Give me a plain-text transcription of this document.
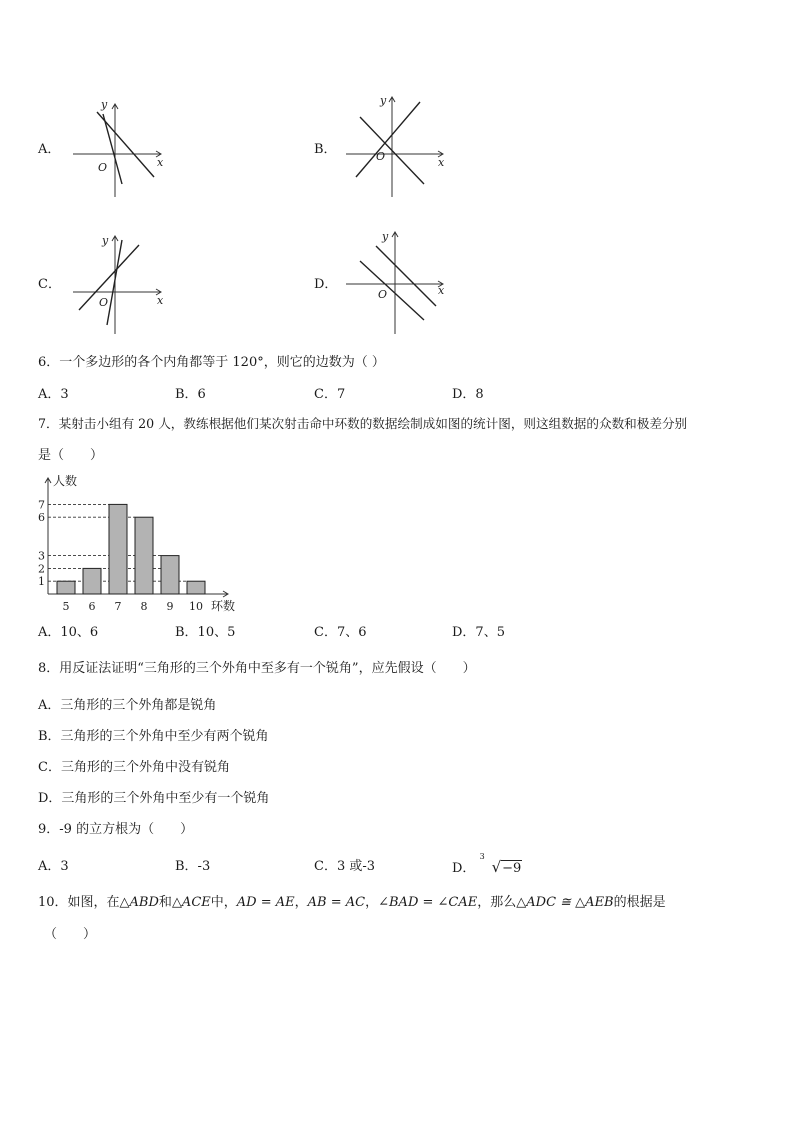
A．
y
x
O
B．
y
x
O
C．
y
x
O
D．
y
x
O
6．一个多边形的各个内角都等于 120°，则它的边数为（ ）
A．3	B．6	C．7	D．8
7．某射击小组有 20 人，教练根据他们某次射击命中环数的数据绘制成如图的统计图，则这组数据的众数和极差分别
是（　　）
人数
环数
1
2
3
6
7
5 6 7 8 9 10
A．10、6	B．10、5	C．7、6	D．7、5
8．用反证法证明“三角形的三个外角中至多有一个锐角”，应先假设（　　）
A．三角形的三个外角都是锐角
B．三角形的三个外角中至少有两个锐角
C．三角形的三个外角中没有锐角
D．三角形的三个外角中至少有一个锐角
9．-9 的立方根为（　　）
A．3	B．-3	C．3 或-3	D．
3
√−9
10．如图，在△ABD和△ACE中，AD = AE，AB = AC，∠BAD = ∠CAE，那么△ADC ≅ △AEB的根据是
（　　）
